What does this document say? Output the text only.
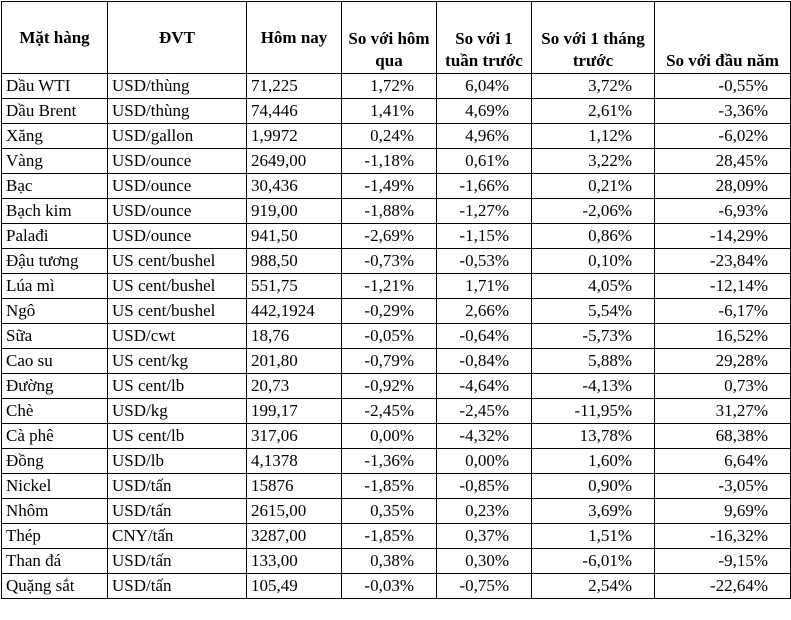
Mặt hàng	ĐVT	Hôm nay	So với hôm qua	So với 1 tuần trước	So với 1 tháng trước	So với đầu năm
Dầu WTI	USD/thùng	71,225	1,72%	6,04%	3,72%	-0,55%
Dầu Brent	USD/thùng	74,446	1,41%	4,69%	2,61%	-3,36%
Xăng	USD/gallon	1,9972	0,24%	4,96%	1,12%	-6,02%
Vàng	USD/ounce	2649,00	-1,18%	0,61%	3,22%	28,45%
Bạc	USD/ounce	30,436	-1,49%	-1,66%	0,21%	28,09%
Bạch kim	USD/ounce	919,00	-1,88%	-1,27%	-2,06%	-6,93%
Palađi	USD/ounce	941,50	-2,69%	-1,15%	0,86%	-14,29%
Đậu tương	US cent/bushel	988,50	-0,73%	-0,53%	0,10%	-23,84%
Lúa mì	US cent/bushel	551,75	-1,21%	1,71%	4,05%	-12,14%
Ngô	US cent/bushel	442,1924	-0,29%	2,66%	5,54%	-6,17%
Sữa	USD/cwt	18,76	-0,05%	-0,64%	-5,73%	16,52%
Cao su	US cent/kg	201,80	-0,79%	-0,84%	5,88%	29,28%
Đường	US cent/lb	20,73	-0,92%	-4,64%	-4,13%	0,73%
Chè	USD/kg	199,17	-2,45%	-2,45%	-11,95%	31,27%
Cà phê	US cent/lb	317,06	0,00%	-4,32%	13,78%	68,38%
Đồng	USD/lb	4,1378	-1,36%	0,00%	1,60%	6,64%
Nickel	USD/tấn	15876	-1,85%	-0,85%	0,90%	-3,05%
Nhôm	USD/tấn	2615,00	0,35%	0,23%	3,69%	9,69%
Thép	CNY/tấn	3287,00	-1,85%	0,37%	1,51%	-16,32%
Than đá	USD/tấn	133,00	0,38%	0,30%	-6,01%	-9,15%
Quặng sắt	USD/tấn	105,49	-0,03%	-0,75%	2,54%	-22,64%
